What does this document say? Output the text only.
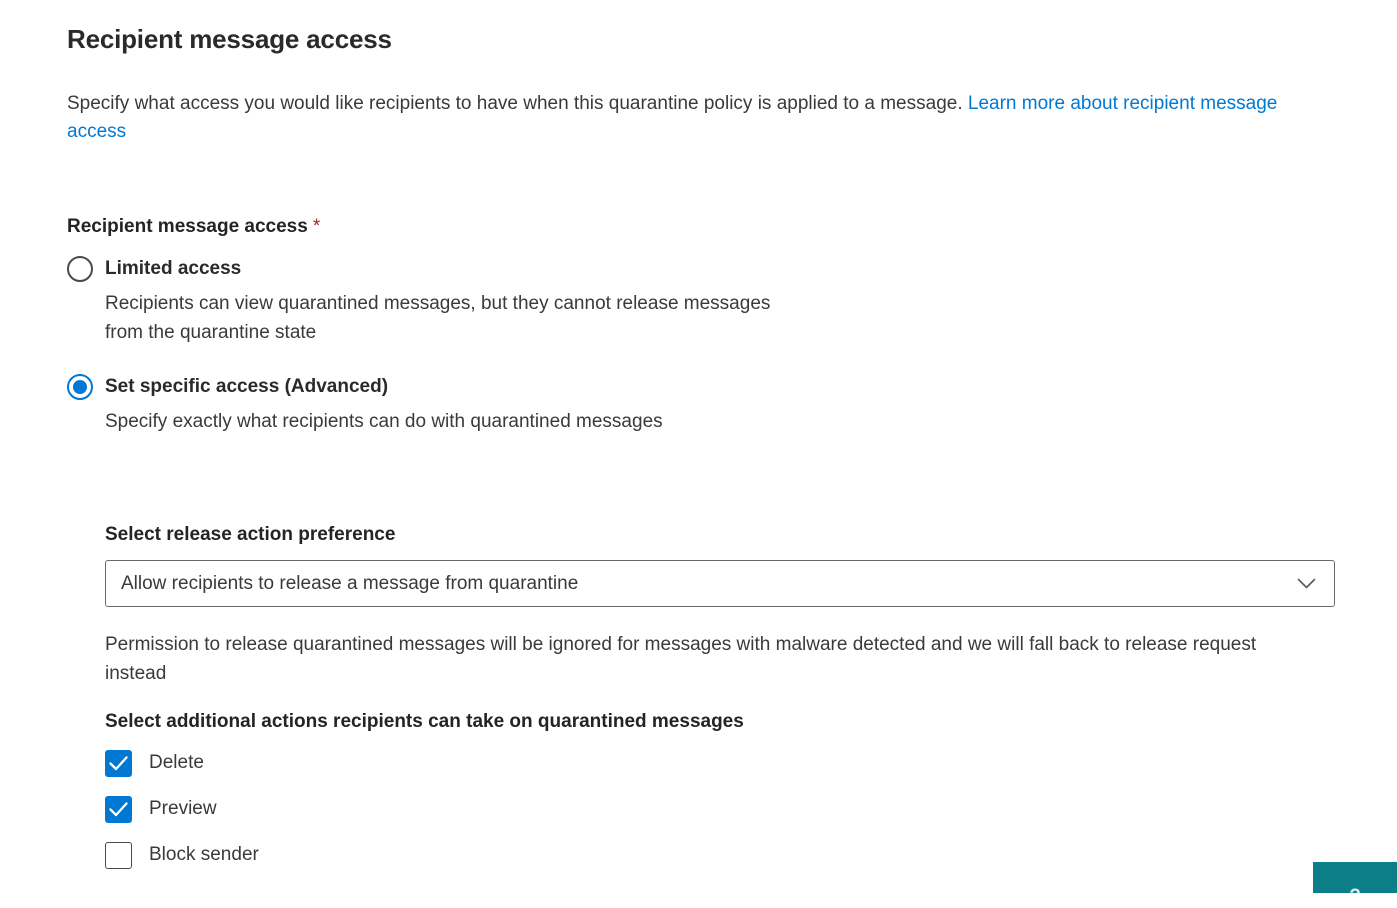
Recipient message access

Specify what access you would like recipients to have when this quarantine policy is applied to a message. Learn more about recipient message access

Recipient message access *
Limited access

Recipients can view quarantined messages, but they cannot release messages from the quarantine state

Set specific access (Advanced)

Specify exactly what recipients can do with quarantined messages

Select release action preference
Allow recipients to release a message from quarantine

Permission to release quarantined messages will be ignored for messages with malware detected and we will fall back to release request instead

Select additional actions recipients can take on quarantined messages
Delete
Preview
Block sender
?
